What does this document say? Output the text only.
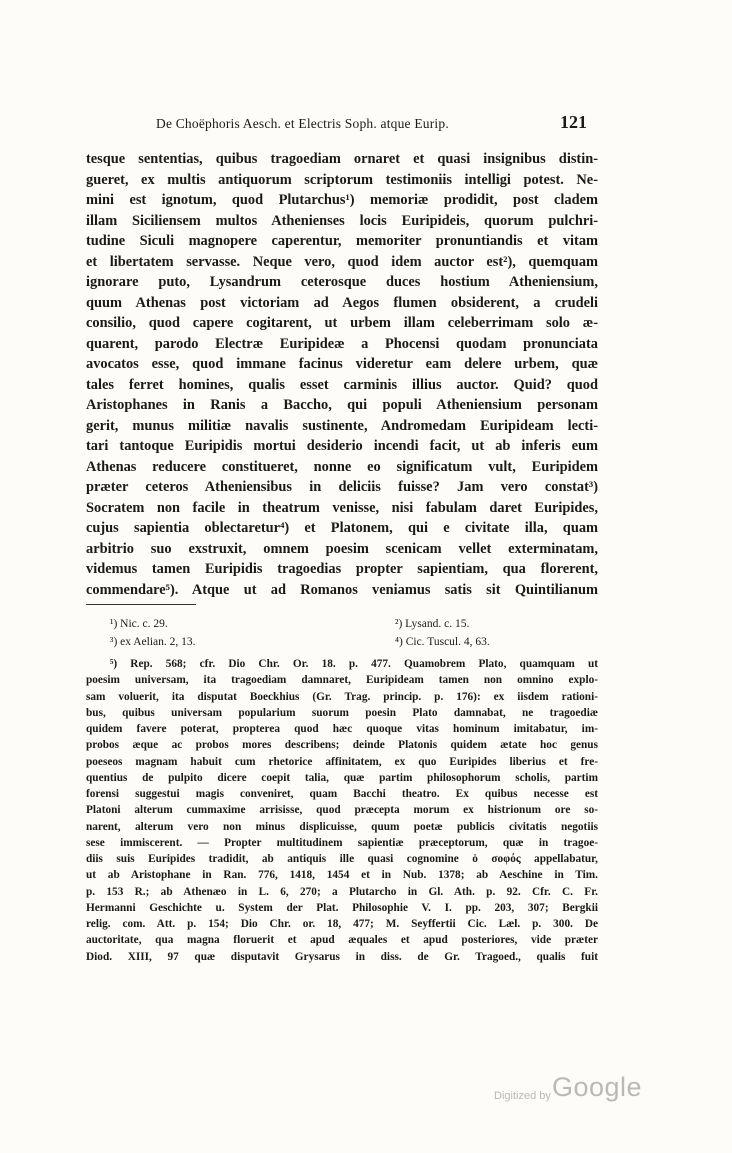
De Choëphoris Aesch. et Electris Soph. atque Eurip.	121
tesque sententias, quibus tragoediam ornaret et quasi insignibus distin-
gueret, ex multis antiquorum scriptorum testimoniis intelligi potest. Ne-
mini est ignotum, quod Plutarchus¹) memoriæ prodidit, post cladem
illam Siciliensem multos Athenienses locis Euripideis, quorum pulchri-
tudine Siculi magnopere caperentur, memoriter pronuntiandis et vitam
et libertatem servasse. Neque vero, quod idem auctor est²), quemquam
ignorare puto, Lysandrum ceterosque duces hostium Atheniensium,
quum Athenas post victoriam ad Aegos flumen obsiderent, a crudeli
consilio, quod capere cogitarent, ut urbem illam celeberrimam solo æ-
quarent, parodo Electræ Euripideæ a Phocensi quodam pronunciata
avocatos esse, quod immane facinus videretur eam delere urbem, quæ
tales ferret homines, qualis esset carminis illius auctor. Quid? quod
Aristophanes in Ranis a Baccho, qui populi Atheniensium personam
gerit, munus militiæ navalis sustinente, Andromedam Euripideam lecti-
tari tantoque Euripidis mortui desiderio incendi facit, ut ab inferis eum
Athenas reducere constitueret, nonne eo significatum vult, Euripidem
præter ceteros Atheniensibus in deliciis fuisse? Jam vero constat³)
Socratem non facile in theatrum venisse, nisi fabulam daret Euripides,
cujus sapientia oblectaretur⁴) et Platonem, qui e civitate illa, quam
arbitrio suo exstruxit, omnem poesim scenicam vellet exterminatam,
videmus tamen Euripidis tragoedias propter sapientiam, qua florerent,
commendare⁵). Atque ut ad Romanos veniamus satis sit Quintilianum
¹) Nic. c. 29.	²) Lysand. c. 15.
³) ex Aelian. 2, 13.	⁴) Cic. Tuscul. 4, 63.
⁵) Rep. 568; cfr. Dio Chr. Or. 18. p. 477. Quamobrem Plato, quamquam ut
poesim universam, ita tragoediam damnaret, Euripideam tamen non omnino explo-
sam voluerit, ita disputat Boeckhius (Gr. Trag. princip. p. 176): ex iisdem rationi-
bus, quibus universam popularium suorum poesin Plato damnabat, ne tragoediæ
quidem favere poterat, propterea quod hæc quoque vitas hominum imitabatur, im-
probos æque ac probos mores describens; deinde Platonis quidem ætate hoc genus
poeseos magnam habuit cum rhetorice affinitatem, ex quo Euripides liberius et fre-
quentius de pulpito dicere coepit talia, quæ partim philosophorum scholis, partim
forensi suggestui magis conveniret, quam Bacchi theatro. Ex quibus necesse est
Platoni alterum cummaxime arrisisse, quod præcepta morum ex histrionum ore so-
narent, alterum vero non minus displicuisse, quum poetæ publicis civitatis negotiis
sese immiscerent. — Propter multitudinem sapientiæ præceptorum, quæ in tragoe-
diis suis Euripides tradidit, ab antiquis ille quasi cognomine ὁ σοφός appellabatur,
ut ab Aristophane in Ran. 776, 1418, 1454 et in Nub. 1378; ab Aeschine in Tim.
p. 153 R.; ab Athenæo in L. 6, 270; a Plutarcho in Gl. Ath. p. 92. Cfr. C. Fr.
Hermanni Geschichte u. System der Plat. Philosophie V. I. pp. 203, 307; Bergkii
relig. com. Att. p. 154; Dio Chr. or. 18, 477; M. Seyffertii Cic. Læl. p. 300. De
auctoritate, qua magna floruerit et apud æquales et apud posteriores, vide præter
Diod. XIII, 97 quæ disputavit Grysarus in diss. de Gr. Tragoed., qualis fuit
Digitized by Google
